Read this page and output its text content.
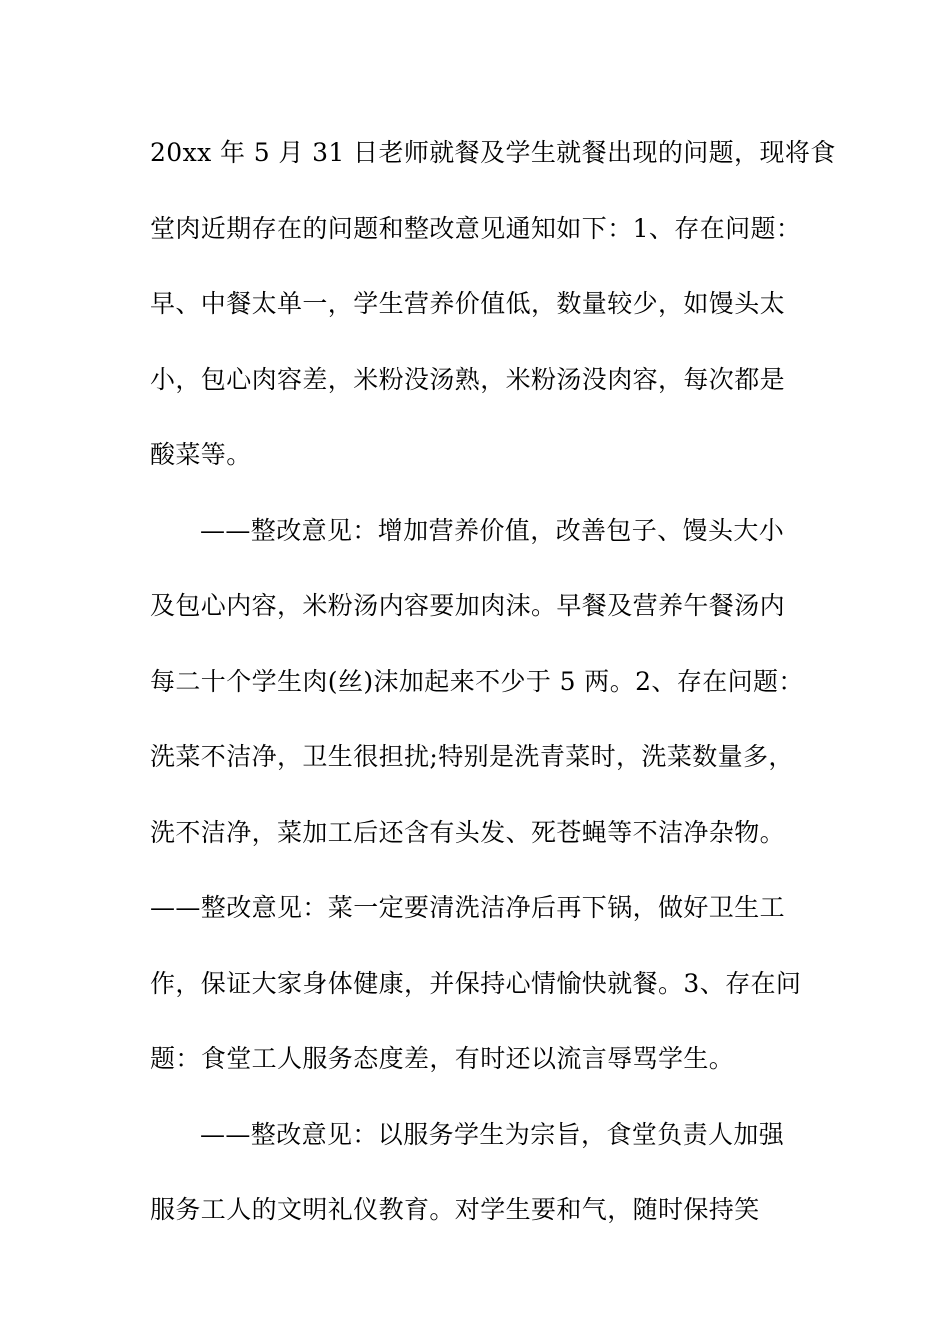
20xx 年 5 月 31 日老师就餐及学生就餐出现的问题，现将食
堂肉近期存在的问题和整改意见通知如下：1、存在问题：
早、中餐太单一，学生营养价值低，数量较少，如馒头太
小，包心肉容差，米粉没汤熟，米粉汤没肉容，每次都是
酸菜等。
——整改意见：增加营养价值，改善包子、馒头大小
及包心内容，米粉汤内容要加肉沫。早餐及营养午餐汤内
每二十个学生肉(丝)沫加起来不少于 5 两。2、存在问题：
洗菜不洁净，卫生很担扰;特别是洗青菜时，洗菜数量多，
洗不洁净，菜加工后还含有头发、死苍蝇等不洁净杂物。
——整改意见：菜一定要清洗洁净后再下锅，做好卫生工
作，保证大家身体健康，并保持心情愉快就餐。3、存在问
题：食堂工人服务态度差，有时还以流言辱骂学生。
——整改意见：以服务学生为宗旨，食堂负责人加强
服务工人的文明礼仪教育。对学生要和气，随时保持笑
